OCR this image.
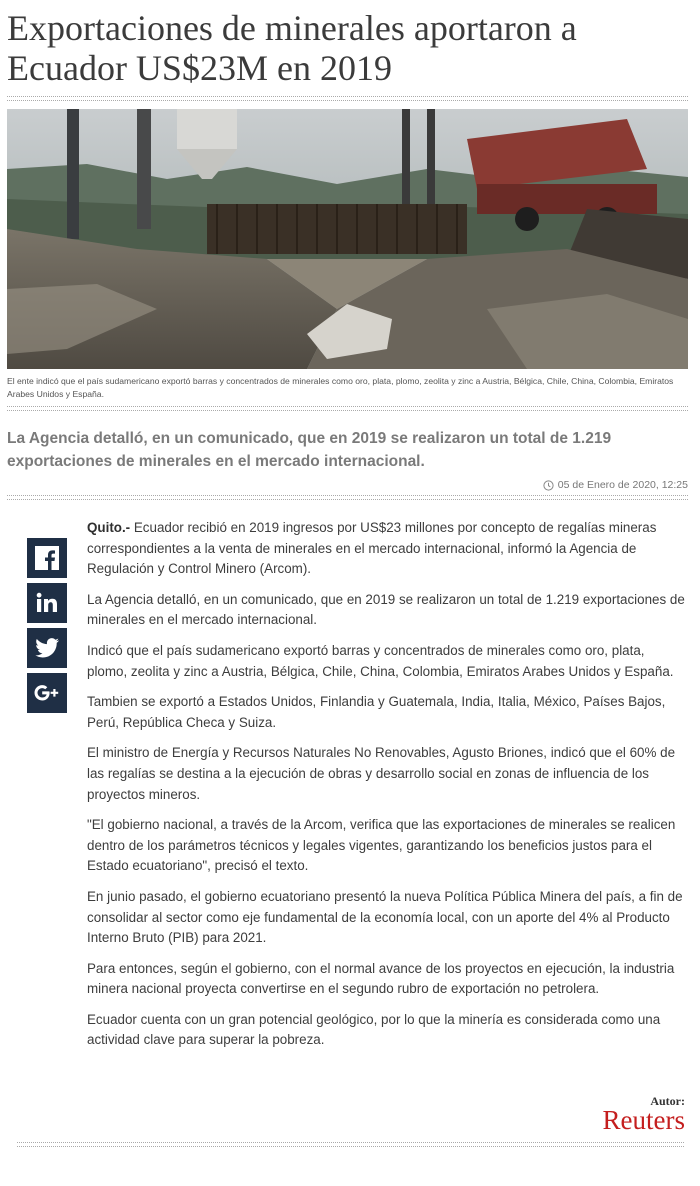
Exportaciones de minerales aportaron a Ecuador US$23M en 2019

El ente indicó que el país sudamericano exportó barras y concentrados de minerales como oro, plata, plomo, zeolita y zinc a Austria, Bélgica, Chile, China, Colombia, Emiratos Arabes Unidos y España.

La Agencia detalló, en un comunicado, que en 2019 se realizaron un total de 1.219 exportaciones de minerales en el mercado internacional.

05 de Enero de 2020, 12:25

Quito.- Ecuador recibió en 2019 ingresos por US$23 millones por concepto de regalías mineras correspondientes a la venta de minerales en el mercado internacional, informó la Agencia de Regulación y Control Minero (Arcom).

La Agencia detalló, en un comunicado, que en 2019 se realizaron un total de 1.219 exportaciones de minerales en el mercado internacional.

Indicó que el país sudamericano exportó barras y concentrados de minerales como oro, plata, plomo, zeolita y zinc a Austria, Bélgica, Chile, China, Colombia, Emiratos Arabes Unidos y España.

Tambien se exportó a Estados Unidos, Finlandia y Guatemala, India, Italia, México, Países Bajos, Perú, República Checa y Suiza.

El ministro de Energía y Recursos Naturales No Renovables, Agusto Briones, indicó que el 60% de las regalías se destina a la ejecución de obras y desarrollo social en zonas de influencia de los proyectos mineros.

"El gobierno nacional, a través de la Arcom, verifica que las exportaciones de minerales se realicen dentro de los parámetros técnicos y legales vigentes, garantizando los beneficios justos para el Estado ecuatoriano", precisó el texto.

En junio pasado, el gobierno ecuatoriano presentó la nueva Política Pública Minera del país, a fin de consolidar al sector como eje fundamental de la economía local, con un aporte del 4% al Producto Interno Bruto (PIB) para 2021.

Para entonces, según el gobierno, con el normal avance de los proyectos en ejecución, la industria minera nacional proyecta convertirse en el segundo rubro de exportación no petrolera.

Ecuador cuenta con un gran potencial geológico, por lo que la minería es considerada como una actividad clave para superar la pobreza.

Autor:
Reuters
